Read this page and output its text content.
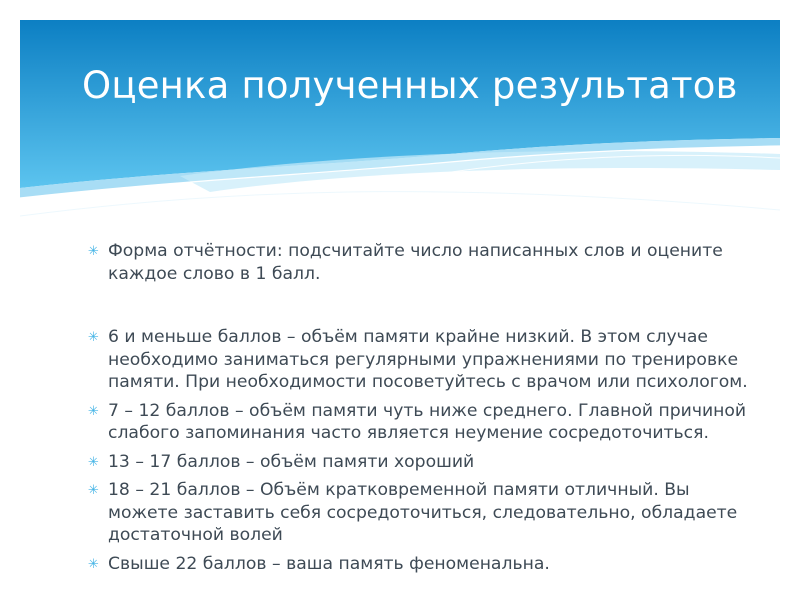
Оценка полученных результатов
✳ Форма отчётности: подсчитайте число написанных слов и оцените каждое слово в 1 балл.
✳ 6 и меньше баллов – объём памяти крайне низкий. В этом случае необходимо заниматься регулярными упражнениями по тренировке памяти. При необходимости посоветуйтесь с врачом или психологом.
✳ 7 – 12 баллов – объём памяти чуть ниже среднего. Главной причиной слабого запоминания часто является неумение сосредоточиться.
✳ 13 – 17 баллов – объём памяти хороший
✳ 18 – 21 баллов – Объём кратковременной памяти отличный. Вы можете заставить себя сосредоточиться, следовательно, обладаете достаточной волей
✳ Свыше 22 баллов – ваша память феноменальна.
